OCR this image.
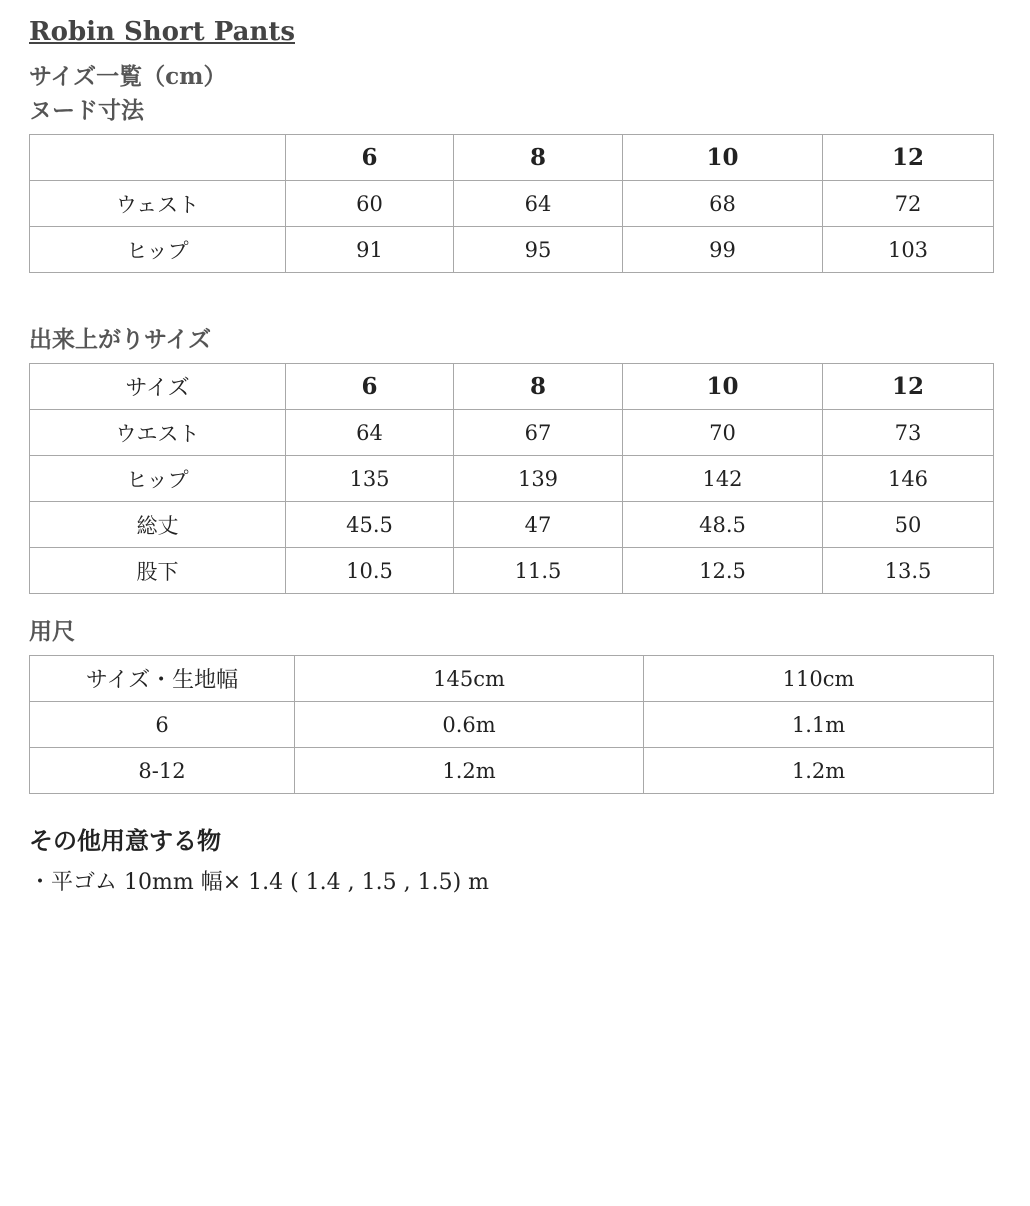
Robin Short Pants
サイズ一覧（cm）
ヌード寸法
	6	8	10	12
ウェスト	60	64	68	72
ヒップ	91	95	99	103
出来上がりサイズ
サイズ	6	8	10	12
ウエスト	64	67	70	73
ヒップ	135	139	142	146
総丈	45.5	47	48.5	50
股下	10.5	11.5	12.5	13.5
用尺
サイズ・生地幅	145cm	110cm
6	0.6m	1.1m
8-12	1.2m	1.2m
その他用意する物
・平ゴム 10mm 幅× 1.4 ( 1.4 , 1.5 , 1.5) m
